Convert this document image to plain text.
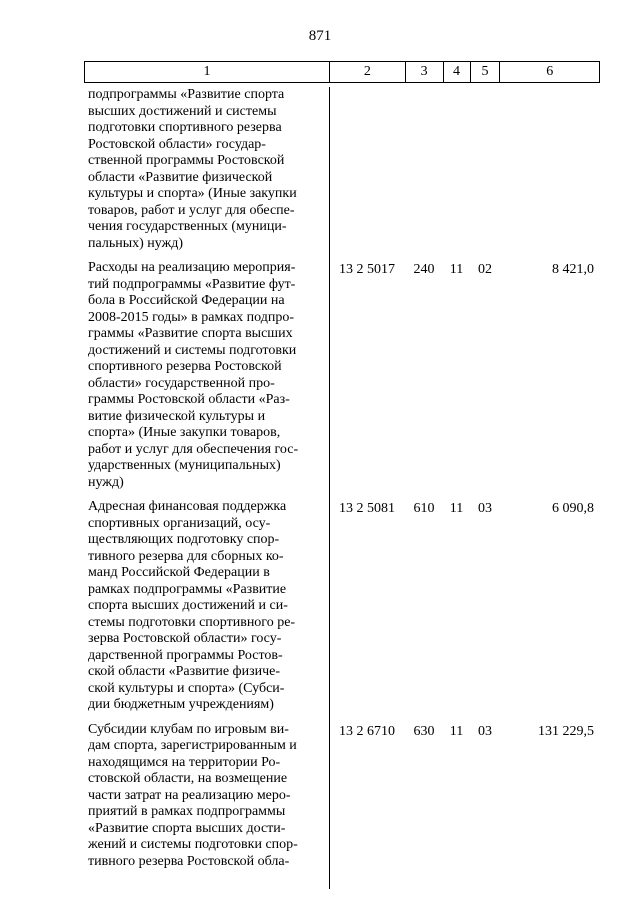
871
1	2	3	4	5	6
подпрограммы «Развитие спорта
высших достижений и системы
подготовки спортивного резерва
Ростовской области» государ-
ственной программы Ростовской
области «Развитие физической
культуры и спорта» (Иные закупки
товаров, работ и услуг для обеспе-
чения государственных (муници-
пальных) нужд)
Расходы на реализацию мероприя-
тий подпрограммы «Развитие фут-
бола в Российской Федерации на
2008-2015 годы» в рамках подпро-
граммы «Развитие спорта высших
достижений и системы подготовки
спортивного резерва Ростовской
области» государственной про-
граммы Ростовской области «Раз-
витие физической культуры и
спорта» (Иные закупки товаров,
работ и услуг для обеспечения гос-
ударственных (муниципальных)
нужд)
13 2 5017	240	11	02	8 421,0
Адресная финансовая поддержка
спортивных организаций, осу-
ществляющих подготовку спор-
тивного резерва для сборных ко-
манд Российской Федерации в
рамках подпрограммы «Развитие
спорта высших достижений и си-
стемы подготовки спортивного ре-
зерва Ростовской области» госу-
дарственной программы Ростов-
ской области «Развитие физиче-
ской культуры и спорта» (Субси-
дии бюджетным учреждениям)
13 2 5081	610	11	03	6 090,8
Субсидии клубам по игровым ви-
дам спорта, зарегистрированным и
находящимся на территории Ро-
стовской области, на возмещение
части затрат на реализацию меро-
приятий в рамках подпрограммы
«Развитие спорта высших дости-
жений и системы подготовки спор-
тивного резерва Ростовской обла-
13 2 6710	630	11	03	131 229,5
